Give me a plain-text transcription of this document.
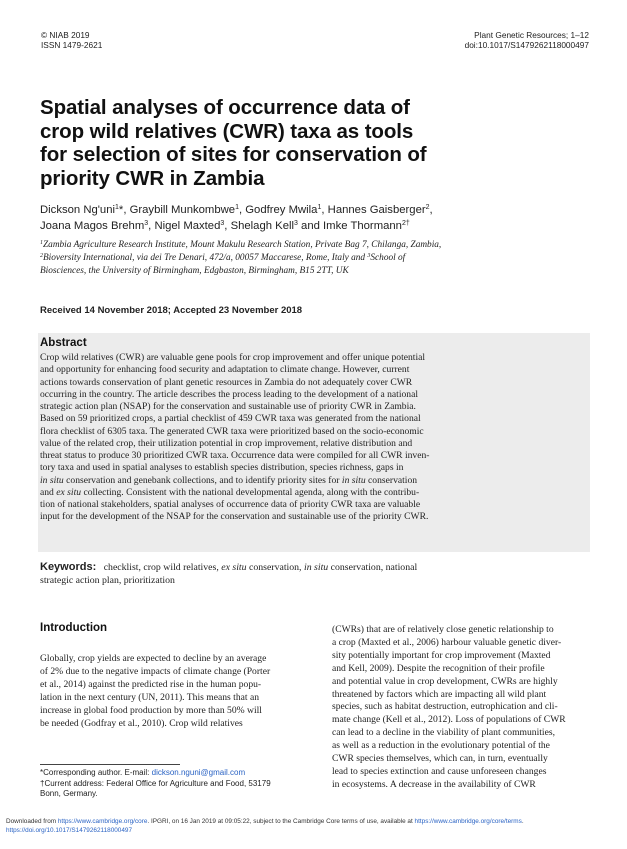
© NIAB 2019
ISSN 1479-2621
Plant Genetic Resources; 1–12
doi:10.1017/S1479262118000497
Spatial analyses of occurrence data of
crop wild relatives (CWR) taxa as tools
for selection of sites for conservation of
priority CWR in Zambia
Dickson Ng'uni$^1$*, Graybill Munkombwe$^1$, Godfrey Mwila$^1$, Hannes Gaisberger$^2$,
Joana Magos Brehm$^3$, Nigel Maxted$^3$, Shelagh Kell$^3$ and Imke Thormann$^{2\dagger}$
$^1$Zambia Agriculture Research Institute, Mount Makulu Research Station, Private Bag 7, Chilanga, Zambia,
$^2$Bioversity International, via dei Tre Denari, 472/a, 00057 Maccarese, Rome, Italy and $^3$School of
Biosciences, the University of Birmingham, Edgbaston, Birmingham, B15 2TT, UK
Received 14 November 2018; Accepted 23 November 2018
Abstract
Crop wild relatives (CWR) are valuable gene pools for crop improvement and offer unique potential
and opportunity for enhancing food security and adaptation to climate change. However, current
actions towards conservation of plant genetic resources in Zambia do not adequately cover CWR
occurring in the country. The article describes the process leading to the development of a national
strategic action plan (NSAP) for the conservation and sustainable use of priority CWR in Zambia.
Based on 59 prioritized crops, a partial checklist of 459 CWR taxa was generated from the national
flora checklist of 6305 taxa. The generated CWR taxa were prioritized based on the socio-economic
value of the related crop, their utilization potential in crop improvement, relative distribution and
threat status to produce 30 prioritized CWR taxa. Occurrence data were compiled for all CWR inven-
tory taxa and used in spatial analyses to establish species distribution, species richness, gaps in
in situ conservation and genebank collections, and to identify priority sites for in situ conservation
and ex situ collecting. Consistent with the national developmental agenda, along with the contribu-
tion of national stakeholders, spatial analyses of occurrence data of priority CWR taxa are valuable
input for the development of the NSAP for the conservation and sustainable use of the priority CWR.
Keywords: checklist, crop wild relatives, ex situ conservation, in situ conservation, national
strategic action plan, prioritization
Introduction
Globally, crop yields are expected to decline by an average
of 2% due to the negative impacts of climate change (Porter
et al., 2014) against the predicted rise in the human popu-
lation in the next century (UN, 2011). This means that an
increase in global food production by more than 50% will
be needed (Godfray et al., 2010). Crop wild relatives
(CWRs) that are of relatively close genetic relationship to
a crop (Maxted et al., 2006) harbour valuable genetic diver-
sity potentially important for crop improvement (Maxted
and Kell, 2009). Despite the recognition of their profile
and potential value in crop development, CWRs are highly
threatened by factors which are impacting all wild plant
species, such as habitat destruction, eutrophication and cli-
mate change (Kell et al., 2012). Loss of populations of CWR
can lead to a decline in the viability of plant communities,
as well as a reduction in the evolutionary potential of the
CWR species themselves, which can, in turn, eventually
lead to species extinction and cause unforeseen changes
in ecosystems. A decrease in the availability of CWR
*Corresponding author. E-mail: dickson.nguni@gmail.com
†Current address: Federal Office for Agriculture and Food, 53179
Bonn, Germany.
Downloaded from https://www.cambridge.org/core. IPGRI, on 16 Jan 2019 at 09:05:22, subject to the Cambridge Core terms of use, available at https://www.cambridge.org/core/terms.
https://doi.org/10.1017/S1479262118000497
